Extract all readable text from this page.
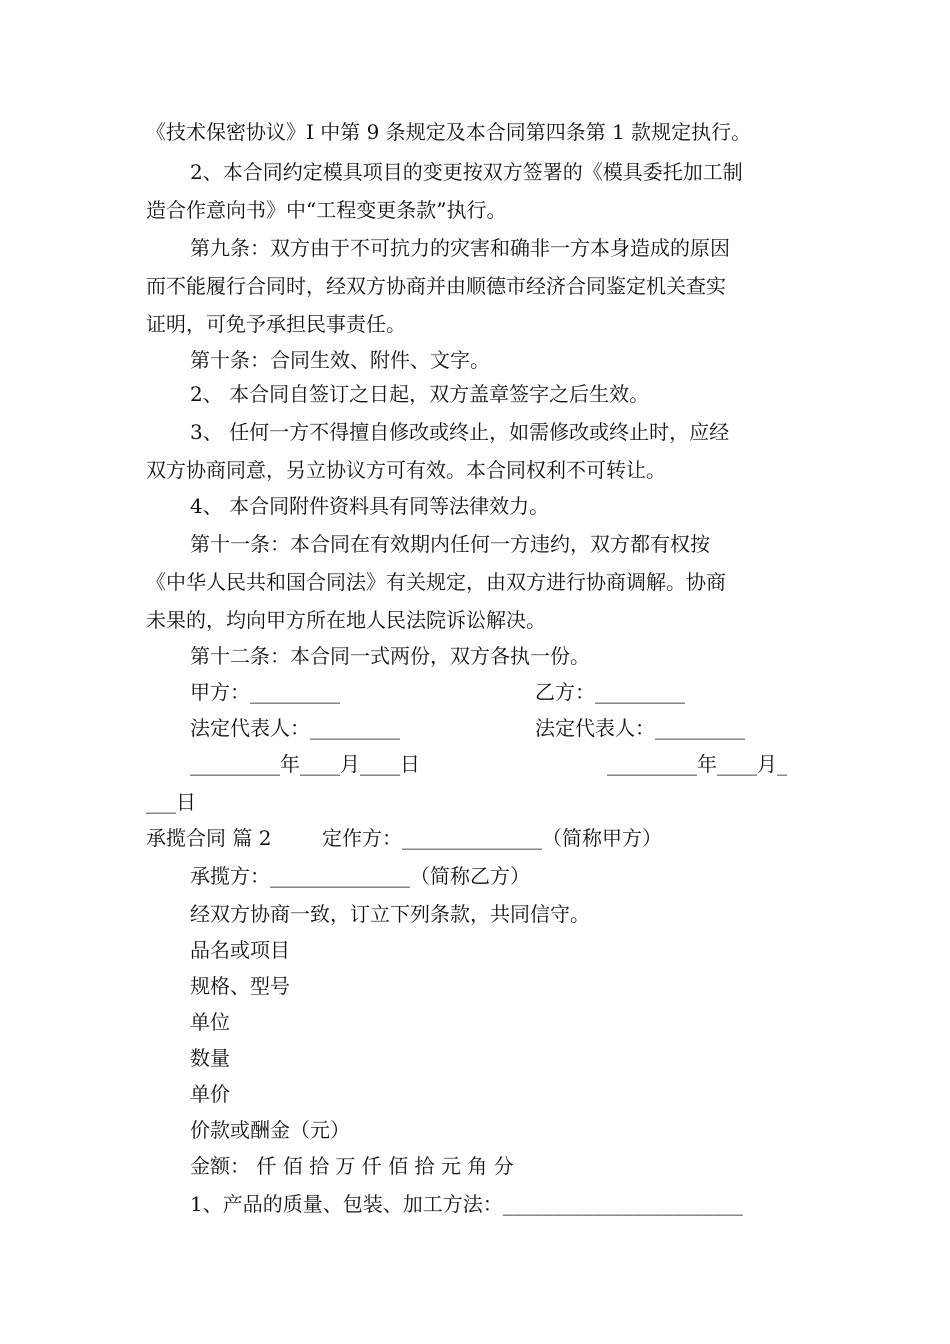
《技术保密协议》I 中第 9 条规定及本合同第四条第 1 款规定执行。
2、本合同约定模具项目的变更按双方签署的《模具委托加工制
造合作意向书》中“工程变更条款”执行。
第九条：双方由于不可抗力的灾害和确非一方本身造成的原因
而不能履行合同时，经双方协商并由顺德市经济合同鉴定机关查实
证明，可免予承担民事责任。
第十条：合同生效、附件、文字。
2、 本合同自签订之日起，双方盖章签字之后生效。
3、 任何一方不得擅自修改或终止，如需修改或终止时，应经
双方协商同意，另立协议方可有效。本合同权利不可转让。
4、 本合同附件资料具有同等法律效力。
第十一条：本合同在有效期内任何一方违约，双方都有权按
《中华人民共和国合同法》有关规定，由双方进行协商调解。协商
未果的，均向甲方所在地人民法院诉讼解决。
第十二条：本合同一式两份，双方各执一份。
甲方：_________	乙方：_________
法定代表人：_________	法定代表人：_________
_________年____月____日	_________年____月_
___日
承揽合同 篇 2	定作方：______________（简称甲方）
承揽方：______________（简称乙方）
经双方协商一致，订立下列条款，共同信守。
品名或项目
规格、型号
单位
数量
单价
价款或酬金（元）
金额： 仟 佰 拾 万 仟 佰 拾 元 角 分
1、产品的质量、包装、加工方法：________________________
